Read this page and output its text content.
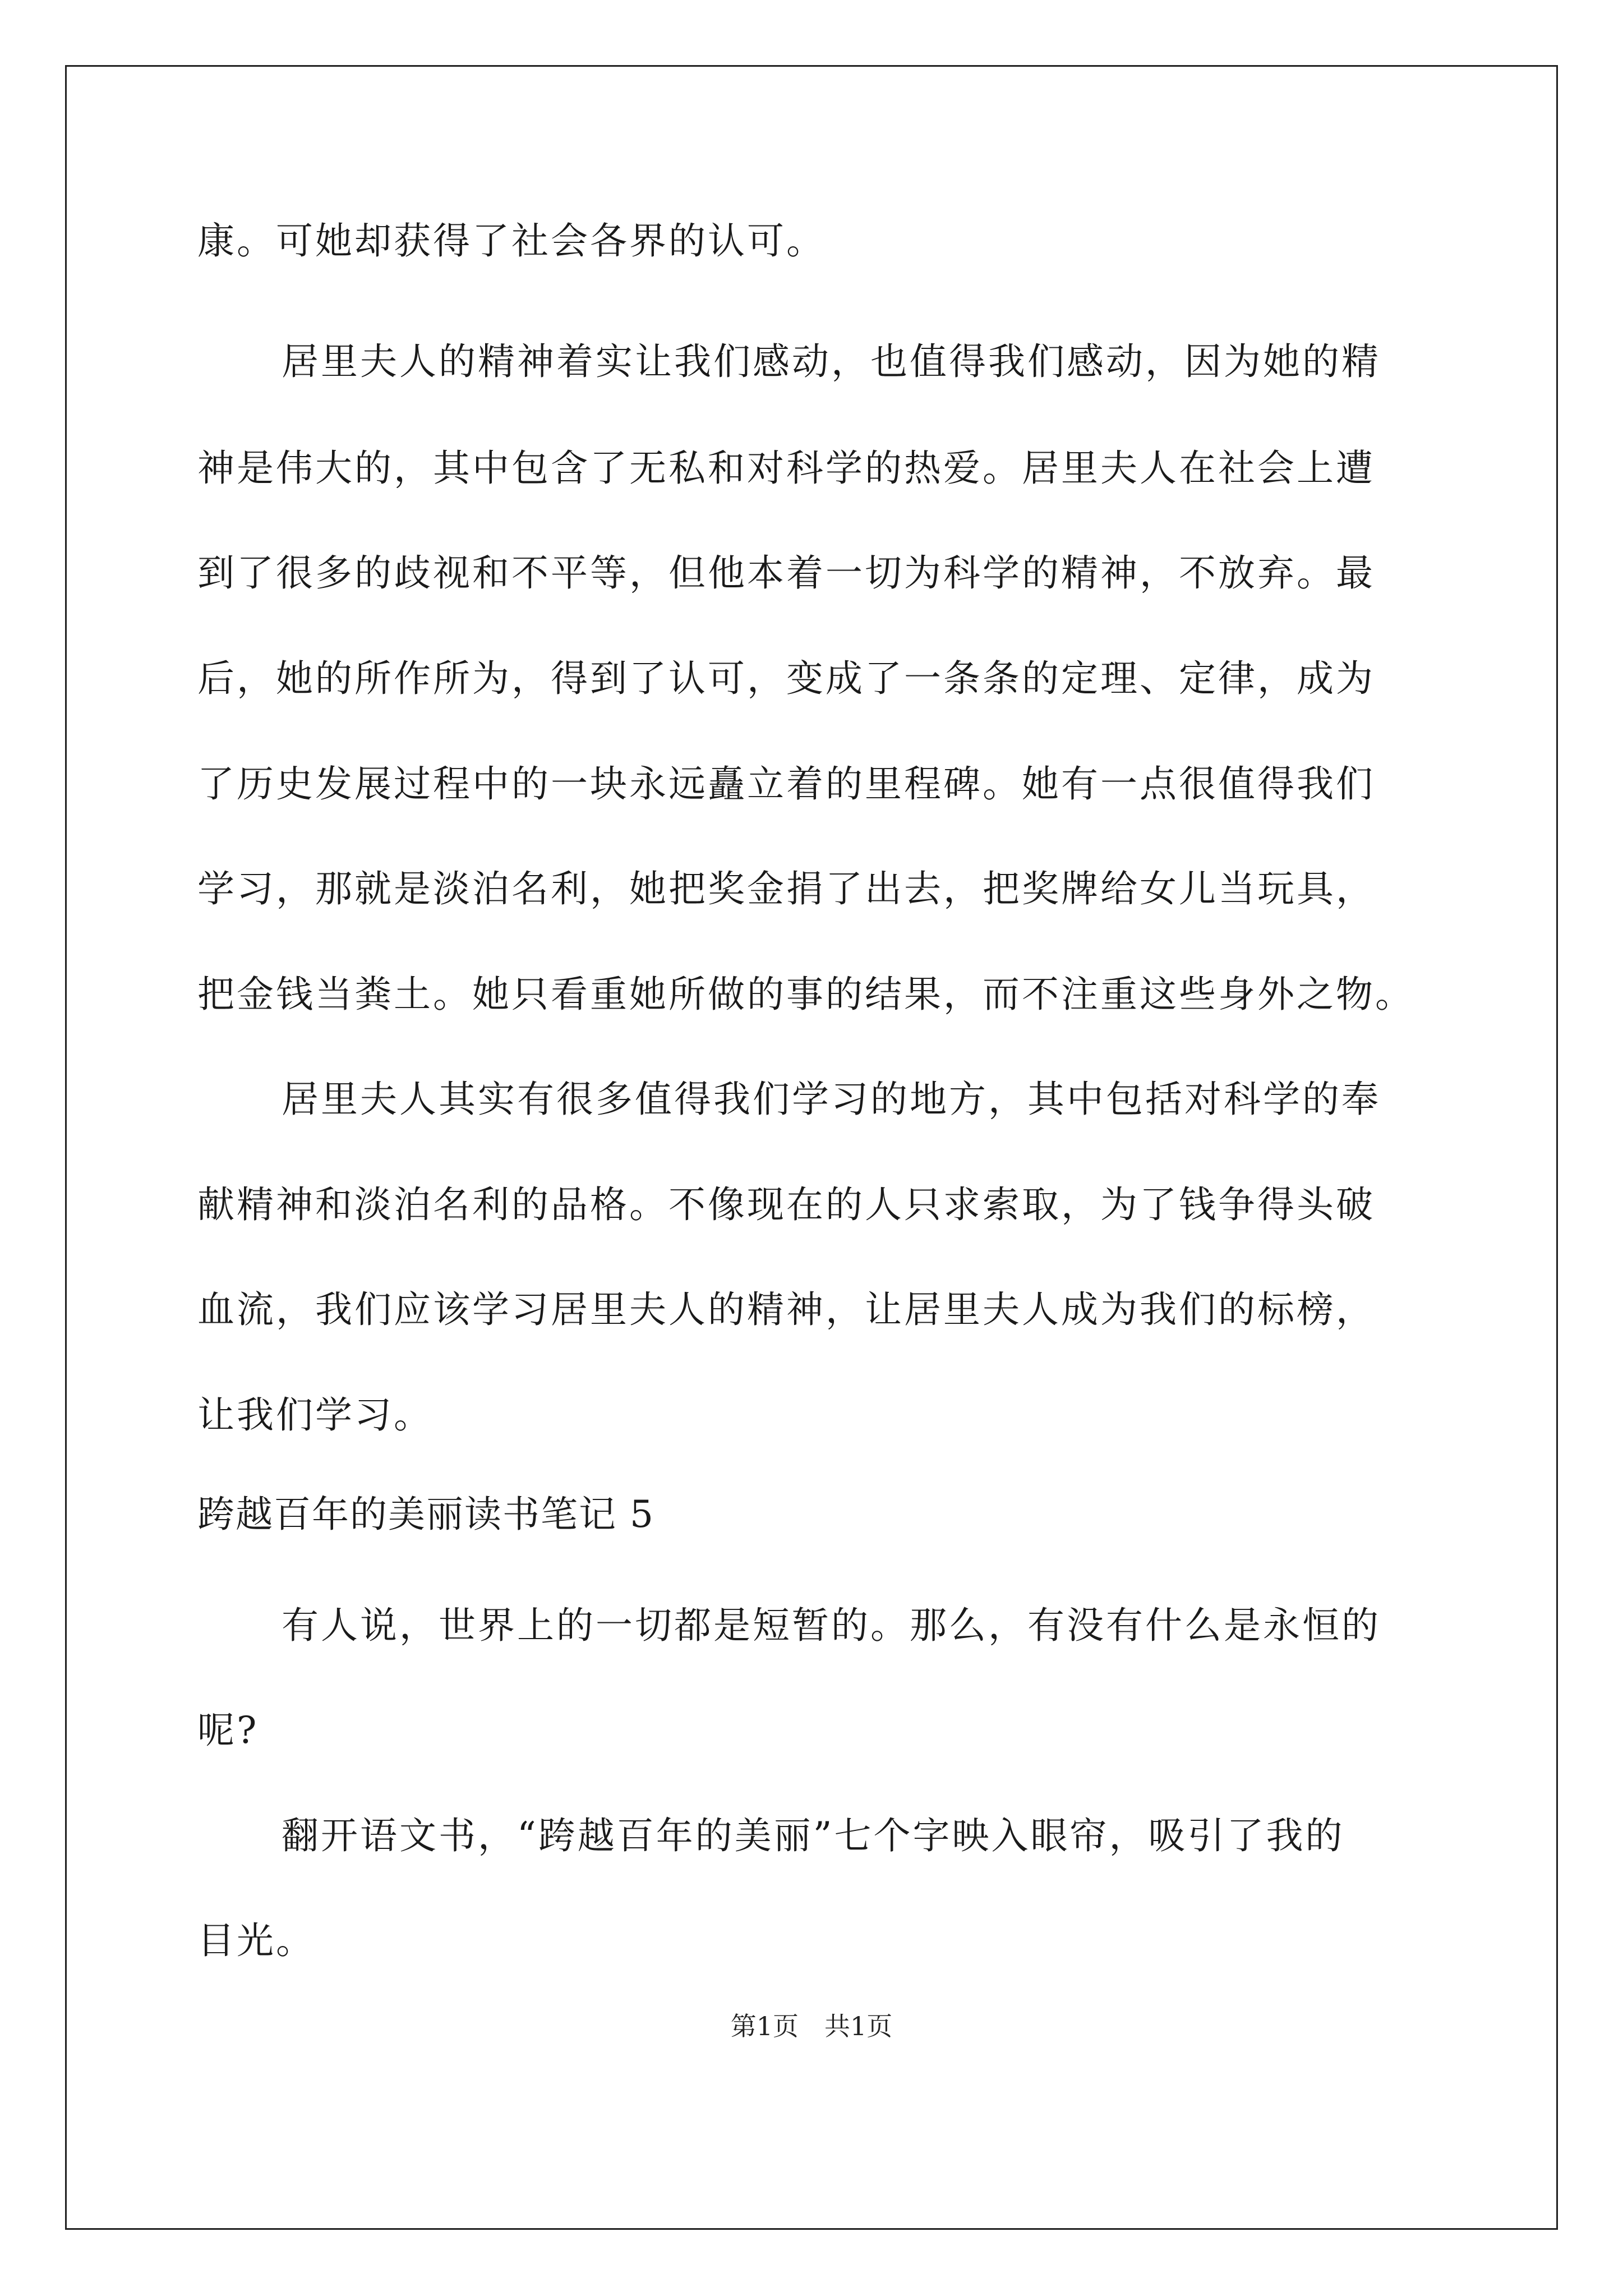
康。可她却获得了社会各界的认可。
居里夫人的精神着实让我们感动，也值得我们感动，因为她的精
神是伟大的，其中包含了无私和对科学的热爱。居里夫人在社会上遭
到了很多的歧视和不平等，但他本着一切为科学的精神，不放弃。最
后，她的所作所为，得到了认可，变成了一条条的定理、定律，成为
了历史发展过程中的一块永远矗立着的里程碑。她有一点很值得我们
学习，那就是淡泊名利，她把奖金捐了出去，把奖牌给女儿当玩具，
把金钱当粪土。她只看重她所做的事的结果，而不注重这些身外之物。
居里夫人其实有很多值得我们学习的地方，其中包括对科学的奉
献精神和淡泊名利的品格。不像现在的人只求索取，为了钱争得头破
血流，我们应该学习居里夫人的精神，让居里夫人成为我们的标榜，
让我们学习。
跨越百年的美丽读书笔记 5
有人说，世界上的一切都是短暂的。那么，有没有什么是永恒的
呢?
翻开语文书，“跨越百年的美丽”七个字映入眼帘，吸引了我的
目光。
第1页　共1页
